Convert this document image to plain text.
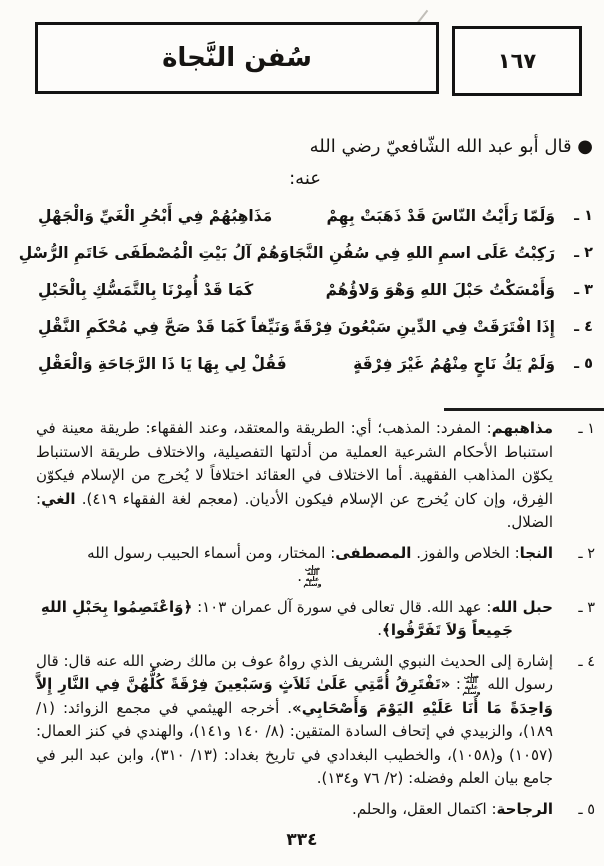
سُفن النَّجاة	١٦٧
● قال أبو عبد الله الشّافعيّ رضي الله
عنه:
١ ـ
وَلَمّا رَأَيْتُ النّاسَ قَدْ ذَهَبَتْ بِهِمْ
مَذَاهِبُهُمْ فِي أَبْحُرِ الْغَيِّ وَالْجَهْلِ
٢ ـ
رَكِبْتُ عَلَى اسمِ اللهِ فِي سُفُنِ النَّجَا
وَهُمْ آلُ بَيْتِ الْمُصْطَفَى خَاتَمِ الرُّسْلِ
٣ ـ
وَأَمْسَكْتُ حَبْلَ اللهِ وَهْوَ وَلاؤُهُمْ
كَمَا قَدْ أُمِرْنَا بِالتَّمَسُّكِ بِالْحَبْلِ
٤ ـ
إِذَا افْتَرَقَتْ فِي الدِّينِ سَبْعُونَ فِرْقَةً
وَنَيِّفاً كَمَا قَدْ صَحَّ فِي مُحْكَمِ النَّقْلِ
٥ ـ
وَلَمْ يَكُ نَاجٍ مِنْهُمُ غَيْرَ فِرْقَةٍ
فَقُلْ لِي بِهَا يَا ذَا الرَّجَاحَةِ وَالْعَقْلِ
١ ـ
مذاهبهم: المفرد: المذهب؛ أي: الطريقة والمعتقد، وعند الفقهاء: طريقة معينة في استنباط الأحكام الشرعية العملية من أدلتها التفصيلية، والاختلاف طريقة الاستنباط يكوّن المذاهب الفقهية. أما الاختلاف في العقائد اختلافاً لا يُخرج من الإسلام فيكوّن الفِرق، وإن كان يُخرج عن الإسلام فيكون الأديان. (معجم لغة الفقهاء ٤١٩). الغي: الضلال.
٢ ـ
النجا: الخلاص والفوز. المصطفى: المختار، ومن أسماء الحبيب رسول الله
صلى الله عليه وسلم.
٣ ـ
حبل الله: عهد الله. قال تعالى في سورة آل عمران ١٠٣: ﴿وَاعْتَصِمُوا بِحَبْلِ اللهِ
جَمِيعاً وَلاَ تَفَرَّقُوا﴾.
٤ ـ
إشارة إلى الحديث النبوي الشريف الذي رواهُ عوف بن مالك رضي الله عنه قال: قال رسول الله صلى الله عليه وسلم: «تَفْتَرِقُ أُمَّتِي عَلَىٰ ثَلاَثٍ وَسَبْعِينَ فِرْقَةً كُلُّهُنَّ فِي النَّارِ إِلاَّ وَاحِدَةً مَا أَنَا عَلَيْهِ اليَوْمَ وَأَصْحَابِي». أخرجه الهيثمي في مجمع الزوائد: (١/ ١٨٩)، والزبيدي في إتحاف السادة المتقين: (٨/ ١٤٠ و١٤١)، والهندي في كنز العمال: (١٠٥٧) و(١٠٥٨)، والخطيب البغدادي في تاريخ بغداد: (١٣/ ٣١٠)، وابن عبد البر في جامع بيان العلم وفضله: (٢/ ٧٦ و١٣٤).
٥ ـ
الرجاحة: اكتمال العقل، والحلم.
٣٣٤
